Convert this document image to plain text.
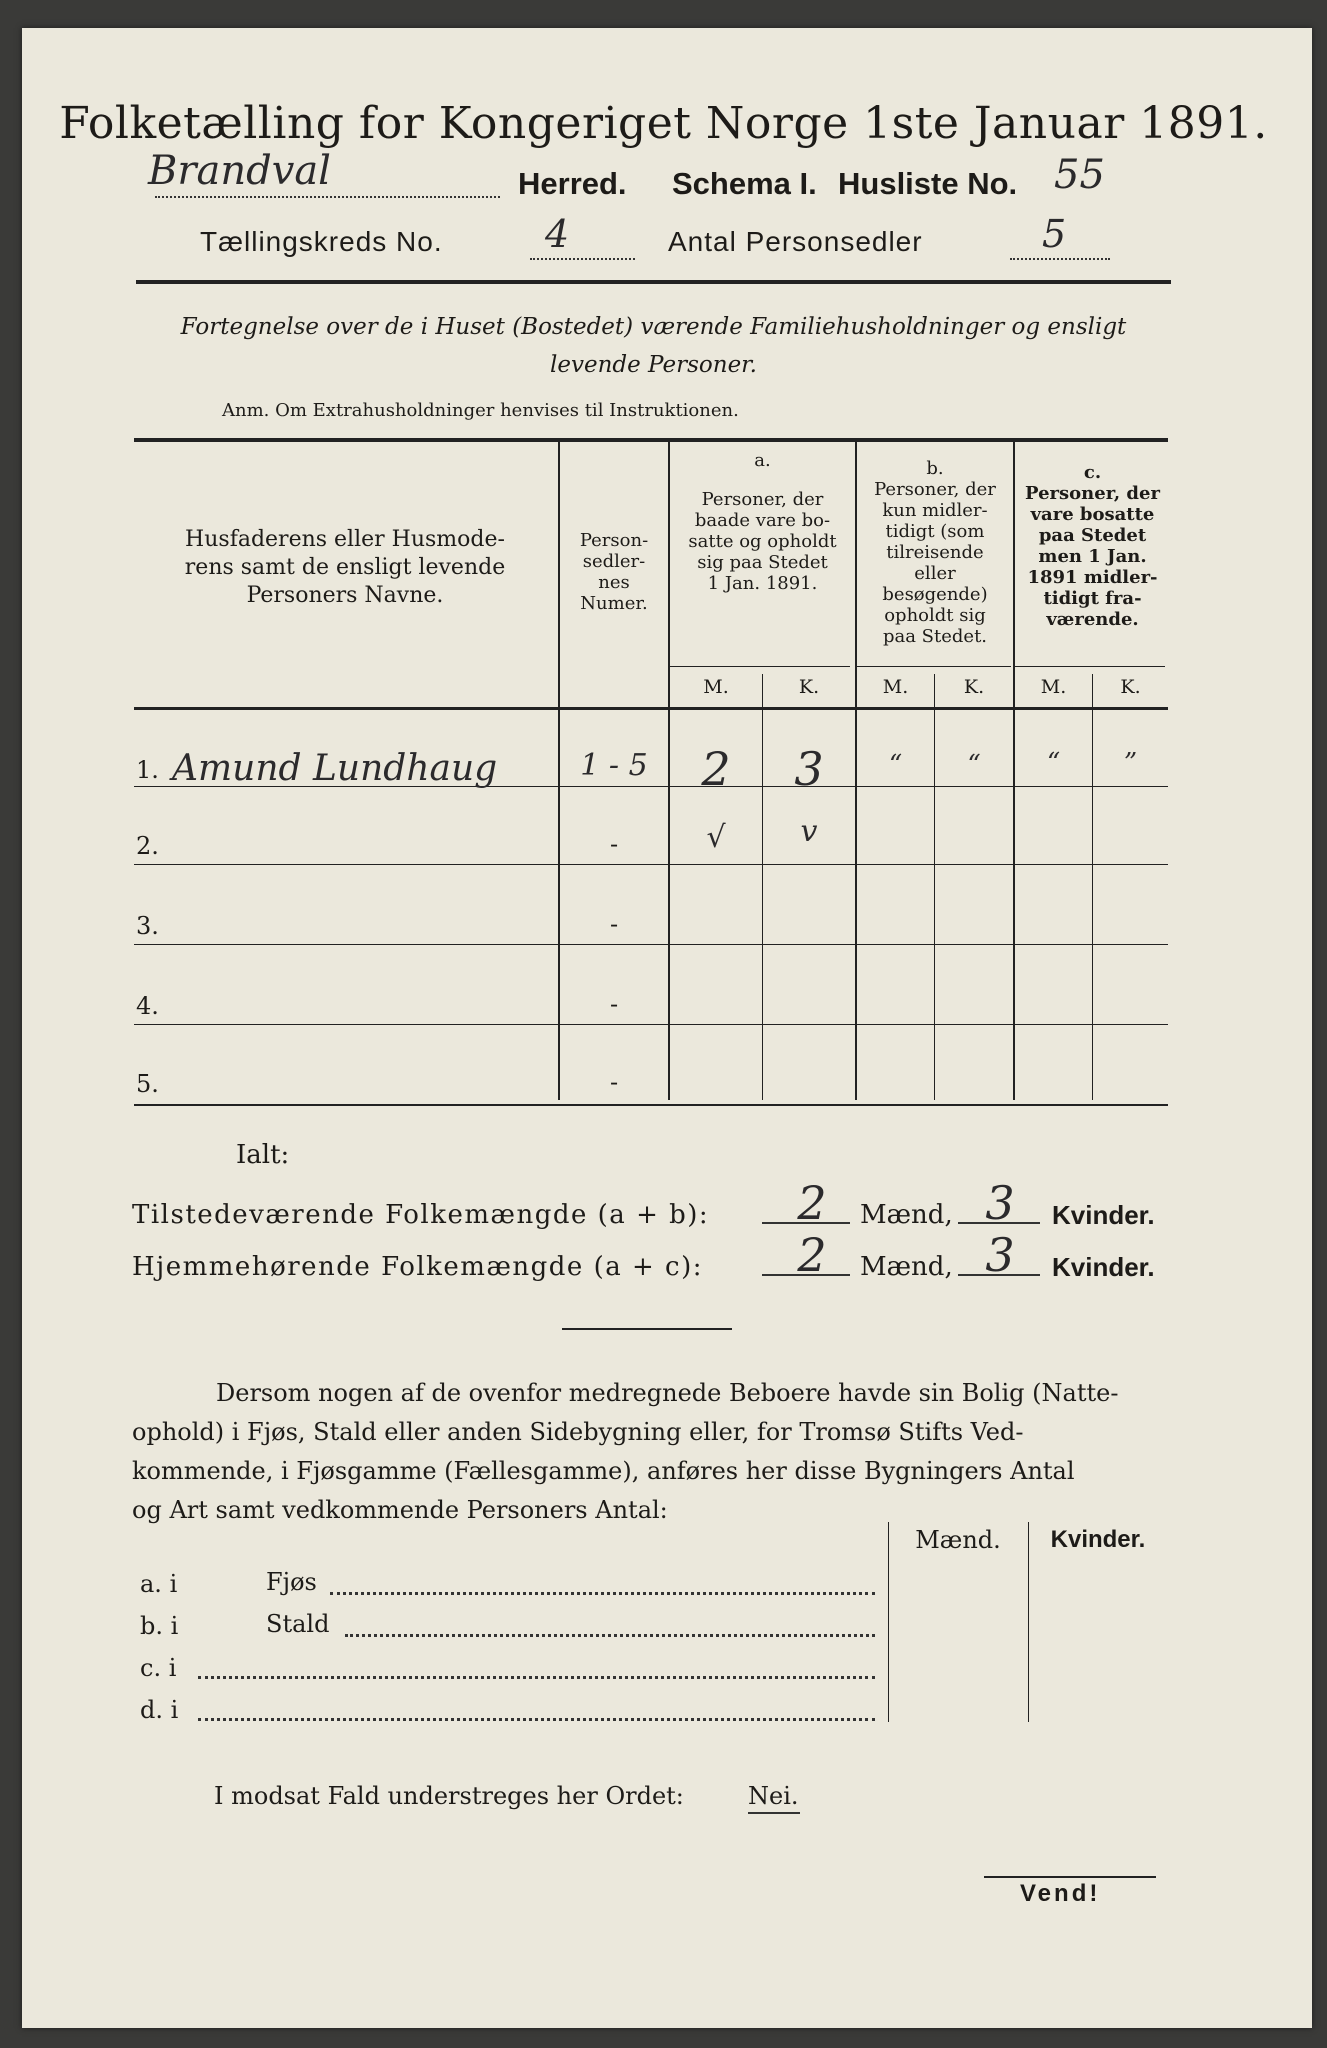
Folketælling for Kongeriget Norge 1ste Januar 1891.
Brandval	Herred. Schema I. Husliste No. 55
Tællingskreds No.	4	Antal Personsedler	5
Fortegnelse over de i Huset (Bostedet) værende Familiehusholdninger og ensligt
levende Personer.
Anm. Om Extrahusholdninger henvises til Instruktionen.
Husfaderens eller Husmode-
rens samt de ensligt levende
Personers Navne.
Person-
sedler-
nes
Numer.
a.
Personer, der
baade vare bo-
satte og opholdt
sig paa Stedet
1 Jan. 1891.
b.
Personer, der
kun midler-
tidigt (som
tilreisende
eller
besøgende)
opholdt sig
paa Stedet.
c.
Personer, der
vare bosatte
paa Stedet
men 1 Jan.
1891 midler-
tidigt fra-
værende.
M.	K.	M.	K.	M.	K.
1. Amund Lundhaug	1 - 5	2	3	“	“	“	”
2.	-	√	v
3.	-
4.	-
5.	-
Ialt:
Tilstedeværende Folkemængde (a + b):	2	Mænd, 3	Kvinder.
Hjemmehørende Folkemængde (a + c):	2	Mænd, 3	Kvinder.
Dersom nogen af de ovenfor medregnede Beboere havde sin Bolig (Natte-
ophold) i Fjøs, Stald eller anden Sidebygning eller, for Tromsø Stifts Ved-
kommende, i Fjøsgamme (Fællesgamme), anføres her disse Bygningers Antal
og Art samt vedkommende Personers Antal:
Mænd.	Kvinder.
a. i	Fjøs
b. i	Stald
c. i
d. i
I modsat Fald understreges her Ordet:	Nei.
Vend!
